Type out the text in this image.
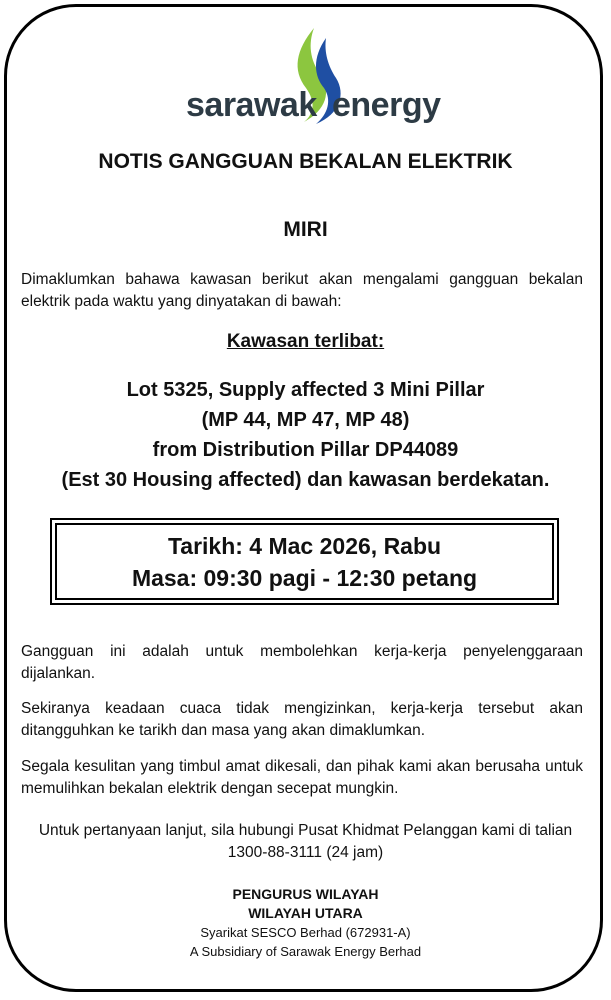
sarawak energy
NOTIS GANGGUAN BEKALAN ELEKTRIK
MIRI
Dimaklumkan bahawa kawasan berikut akan mengalami gangguan bekalan elektrik pada waktu yang dinyatakan di bawah:
Kawasan terlibat:
Lot 5325, Supply affected 3 Mini Pillar
(MP 44, MP 47, MP 48)
from Distribution Pillar DP44089
(Est 30 Housing affected) dan kawasan berdekatan.
Tarikh: 4 Mac 2026, Rabu
Masa: 09:30 pagi - 12:30 petang
Gangguan ini adalah untuk membolehkan kerja-kerja penyelenggaraan dijalankan.
Sekiranya keadaan cuaca tidak mengizinkan, kerja-kerja tersebut akan ditangguhkan ke tarikh dan masa yang akan dimaklumkan.
Segala kesulitan yang timbul amat dikesali, dan pihak kami akan berusaha untuk memulihkan bekalan elektrik dengan secepat mungkin.
Untuk pertanyaan lanjut, sila hubungi Pusat Khidmat Pelanggan kami di talian
1300-88-3111 (24 jam)
PENGURUS WILAYAH
WILAYAH UTARA
Syarikat SESCO Berhad (672931-A)
A Subsidiary of Sarawak Energy Berhad
